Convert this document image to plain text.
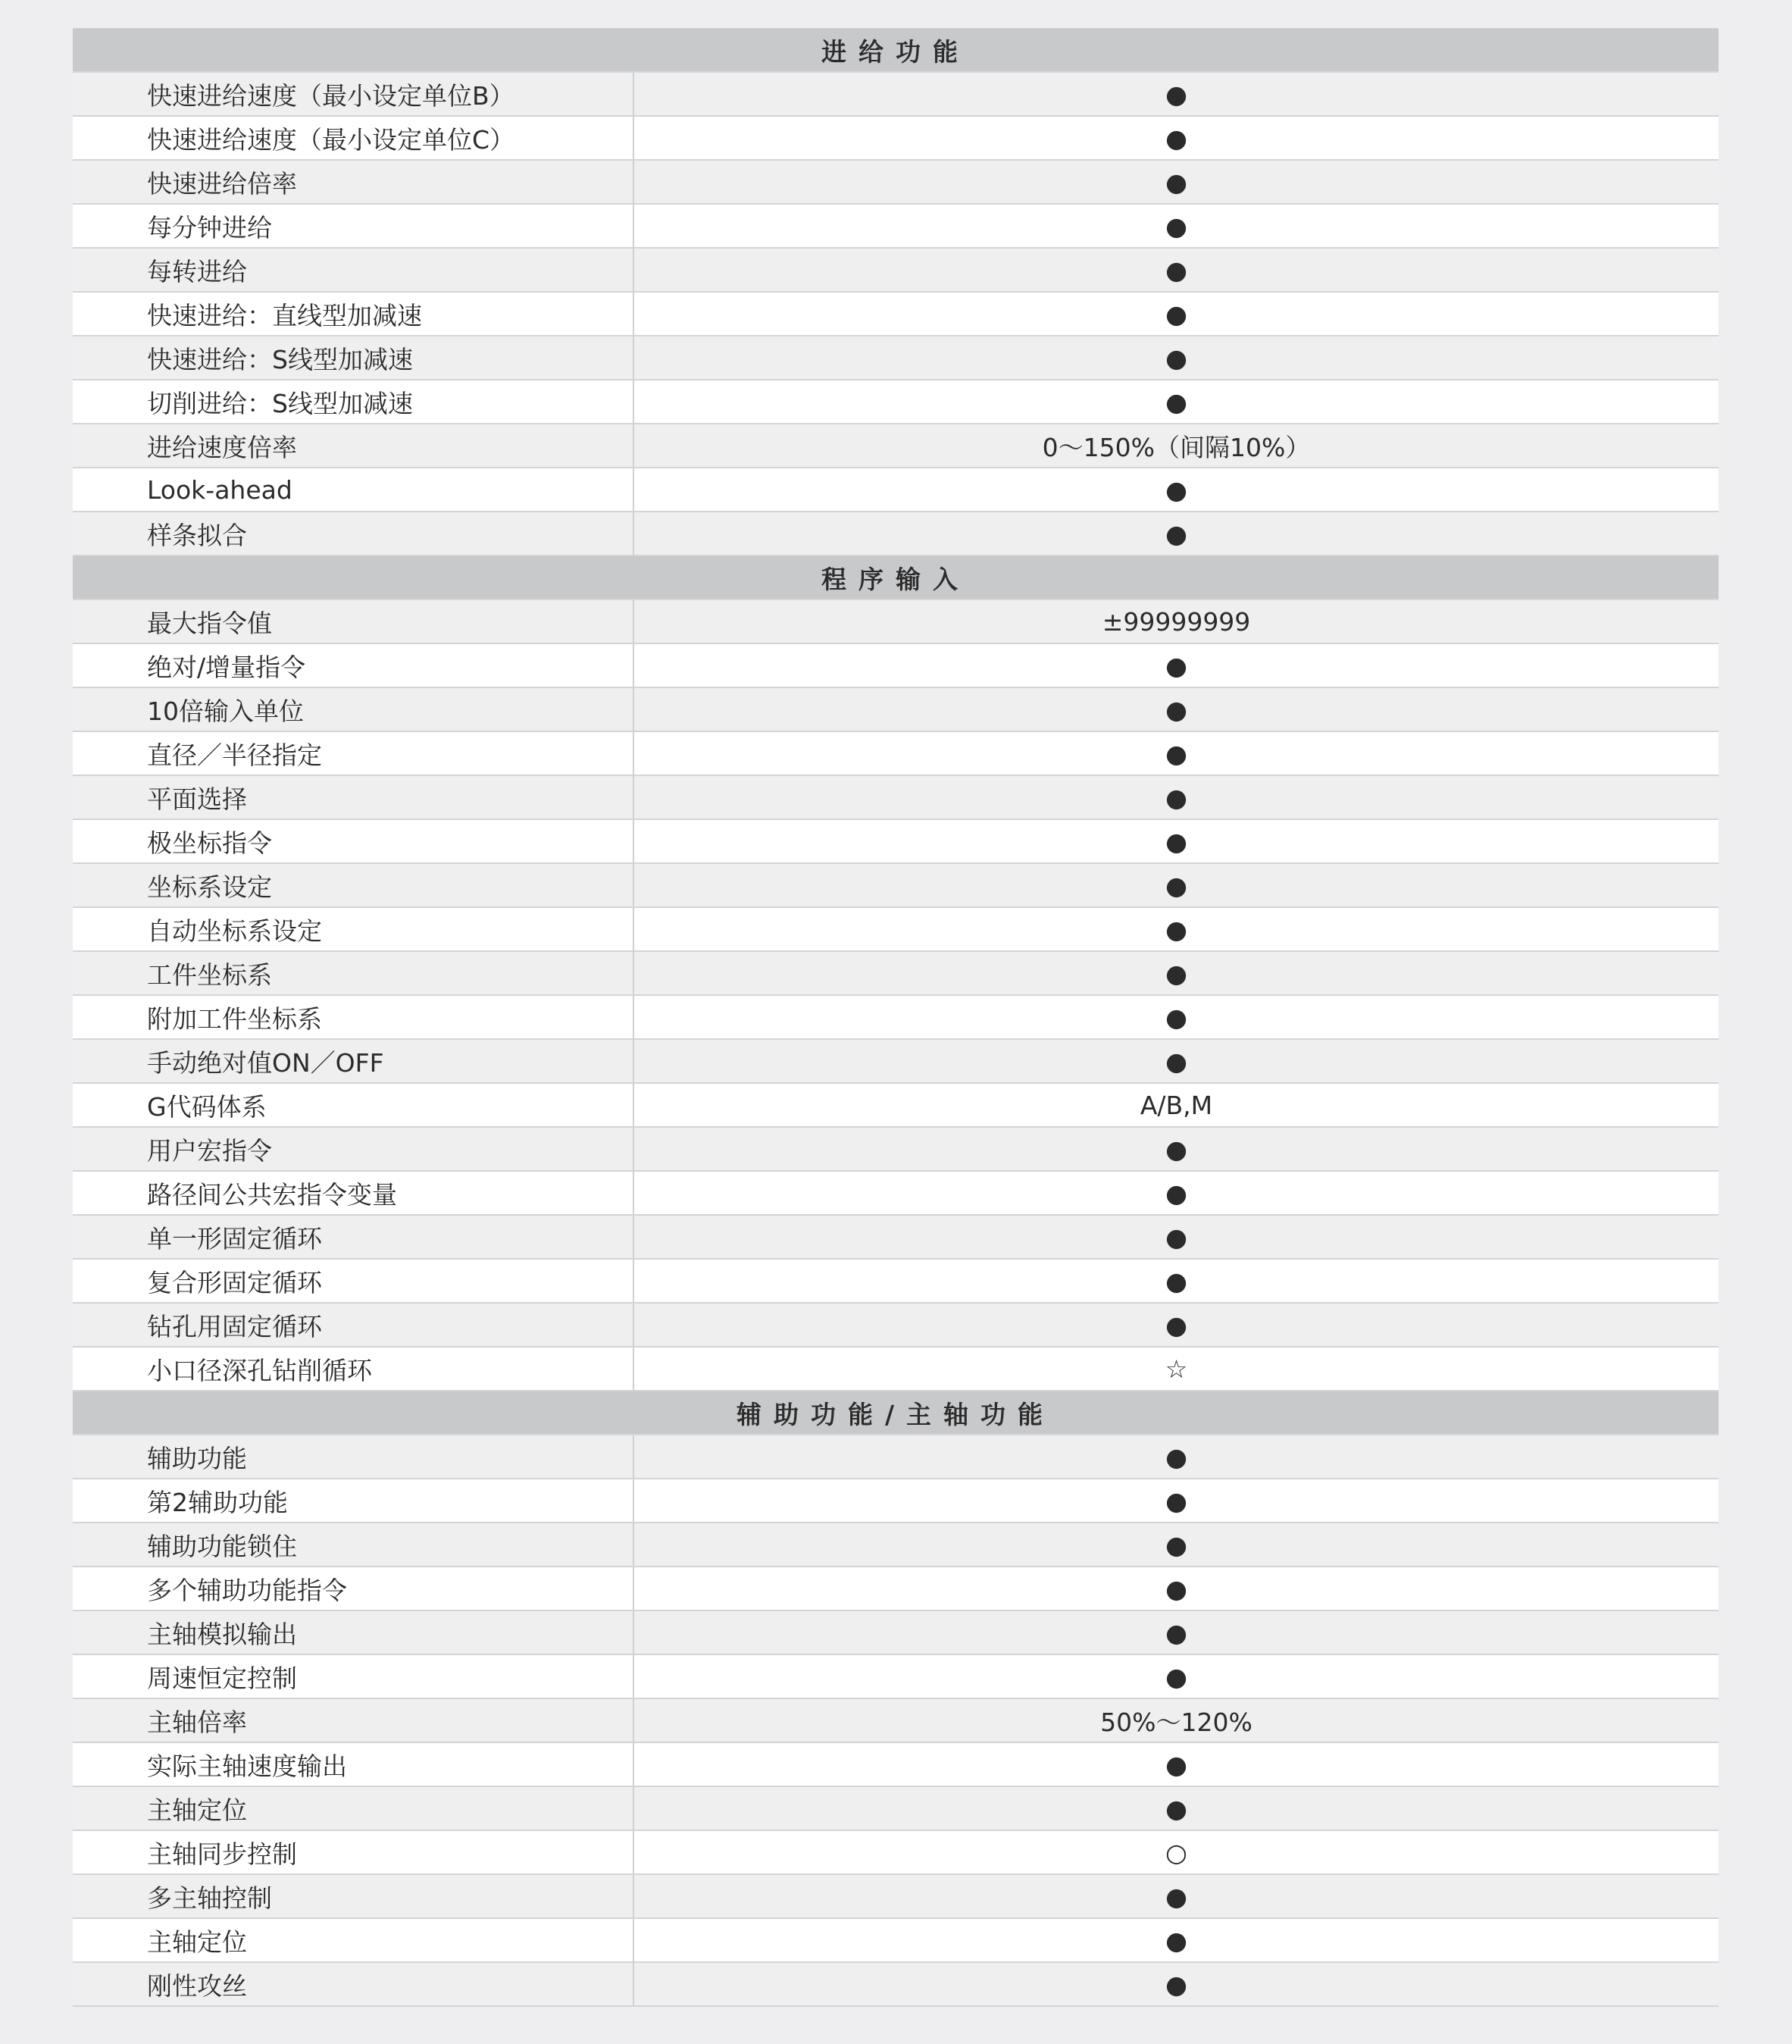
进给功能	
快速进给速度（最小设定单位B）	●
快速进给速度（最小设定单位C）	●
快速进给倍率	●
每分钟进给	●
每转进给	●
快速进给：直线型加减速	●
快速进给：S线型加减速	●
切削进给：S线型加减速	●
进给速度倍率	0～150%（间隔10%）
Look-ahead	●
样条拟合	●
程序输入	
最大指令值	±99999999
绝对/增量指令	●
10倍输入单位	●
直径／半径指定	●
平面选择	●
极坐标指令	●
坐标系设定	●
自动坐标系设定	●
工件坐标系	●
附加工件坐标系	●
手动绝对值ON／OFF	●
G代码体系	A/B,M
用户宏指令	●
路径间公共宏指令变量	●
单一形固定循环	●
复合形固定循环	●
钻孔用固定循环	●
小口径深孔钻削循环	☆
辅助功能/主轴功能	
辅助功能	●
第2辅助功能	●
辅助功能锁住	●
多个辅助功能指令	●
主轴模拟输出	●
周速恒定控制	●
主轴倍率	50%～120%
实际主轴速度输出	●
主轴定位	●
主轴同步控制	○
多主轴控制	●
主轴定位	●
刚性攻丝	●
